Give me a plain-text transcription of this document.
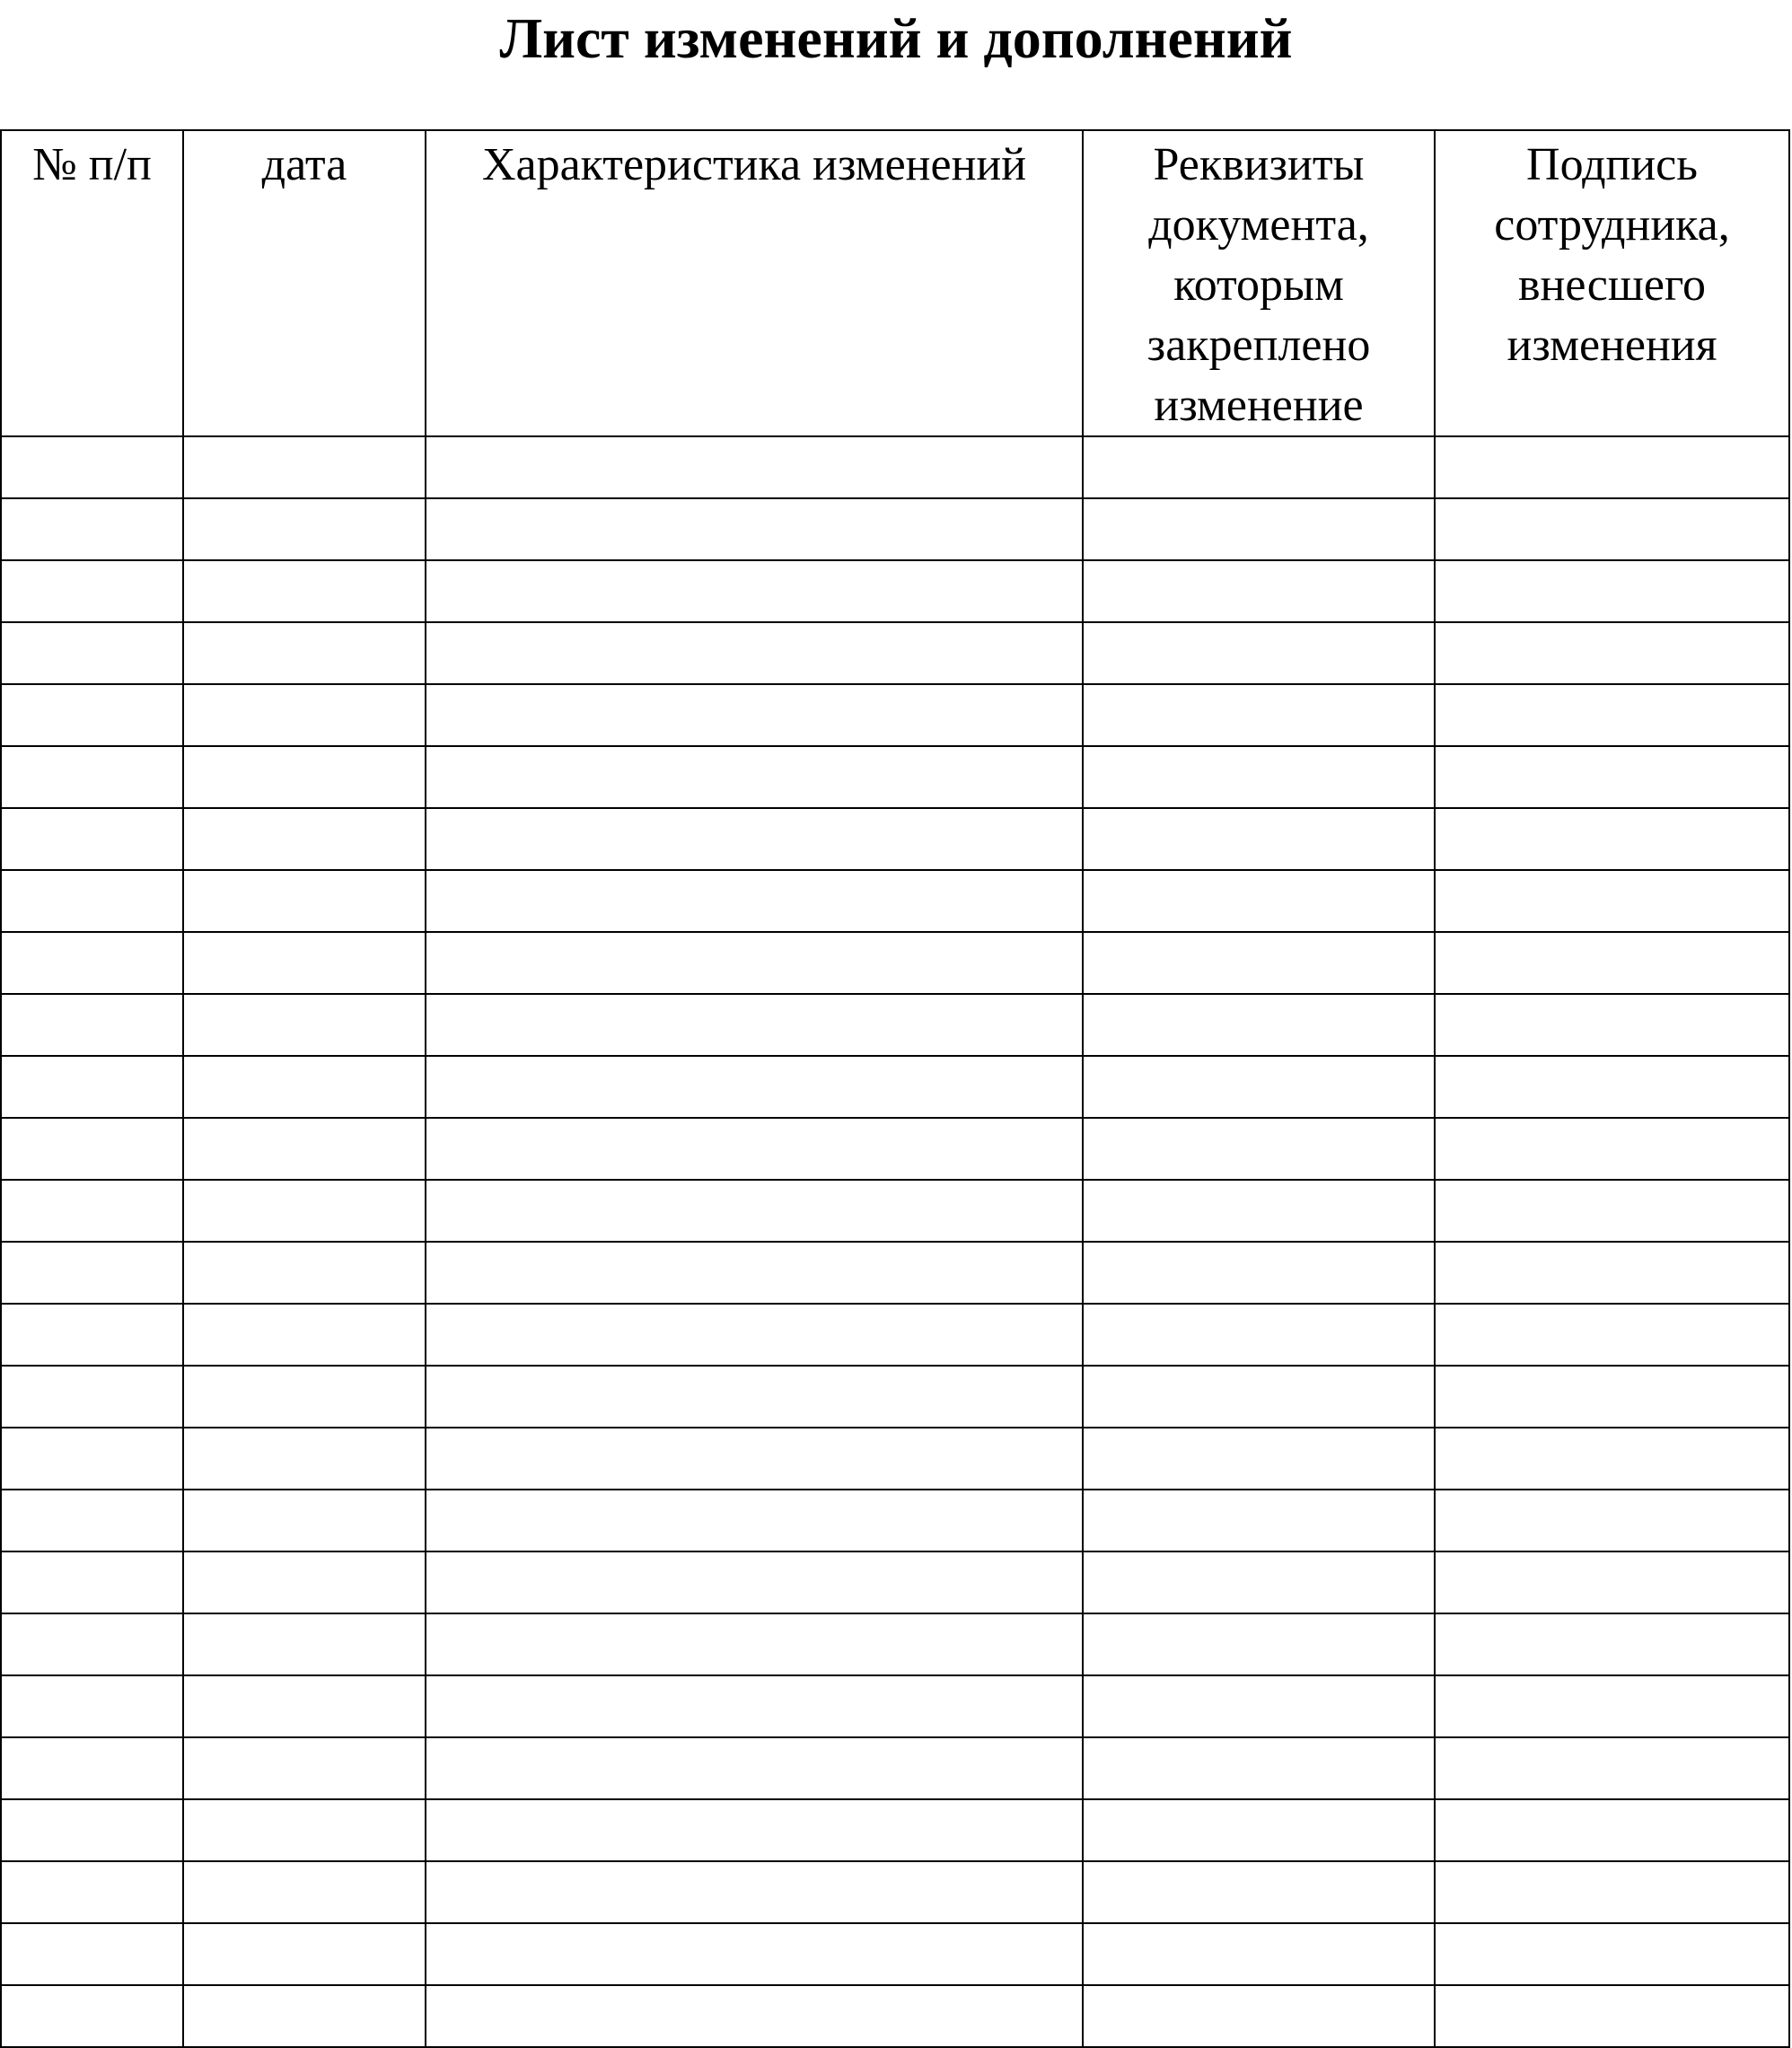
Лист изменений и дополнений
№ п/п	дата	Характеристика изменений	Реквизиты
документа,
которым
закреплено
изменение	Подпись
сотрудника,
внесшего
изменения
